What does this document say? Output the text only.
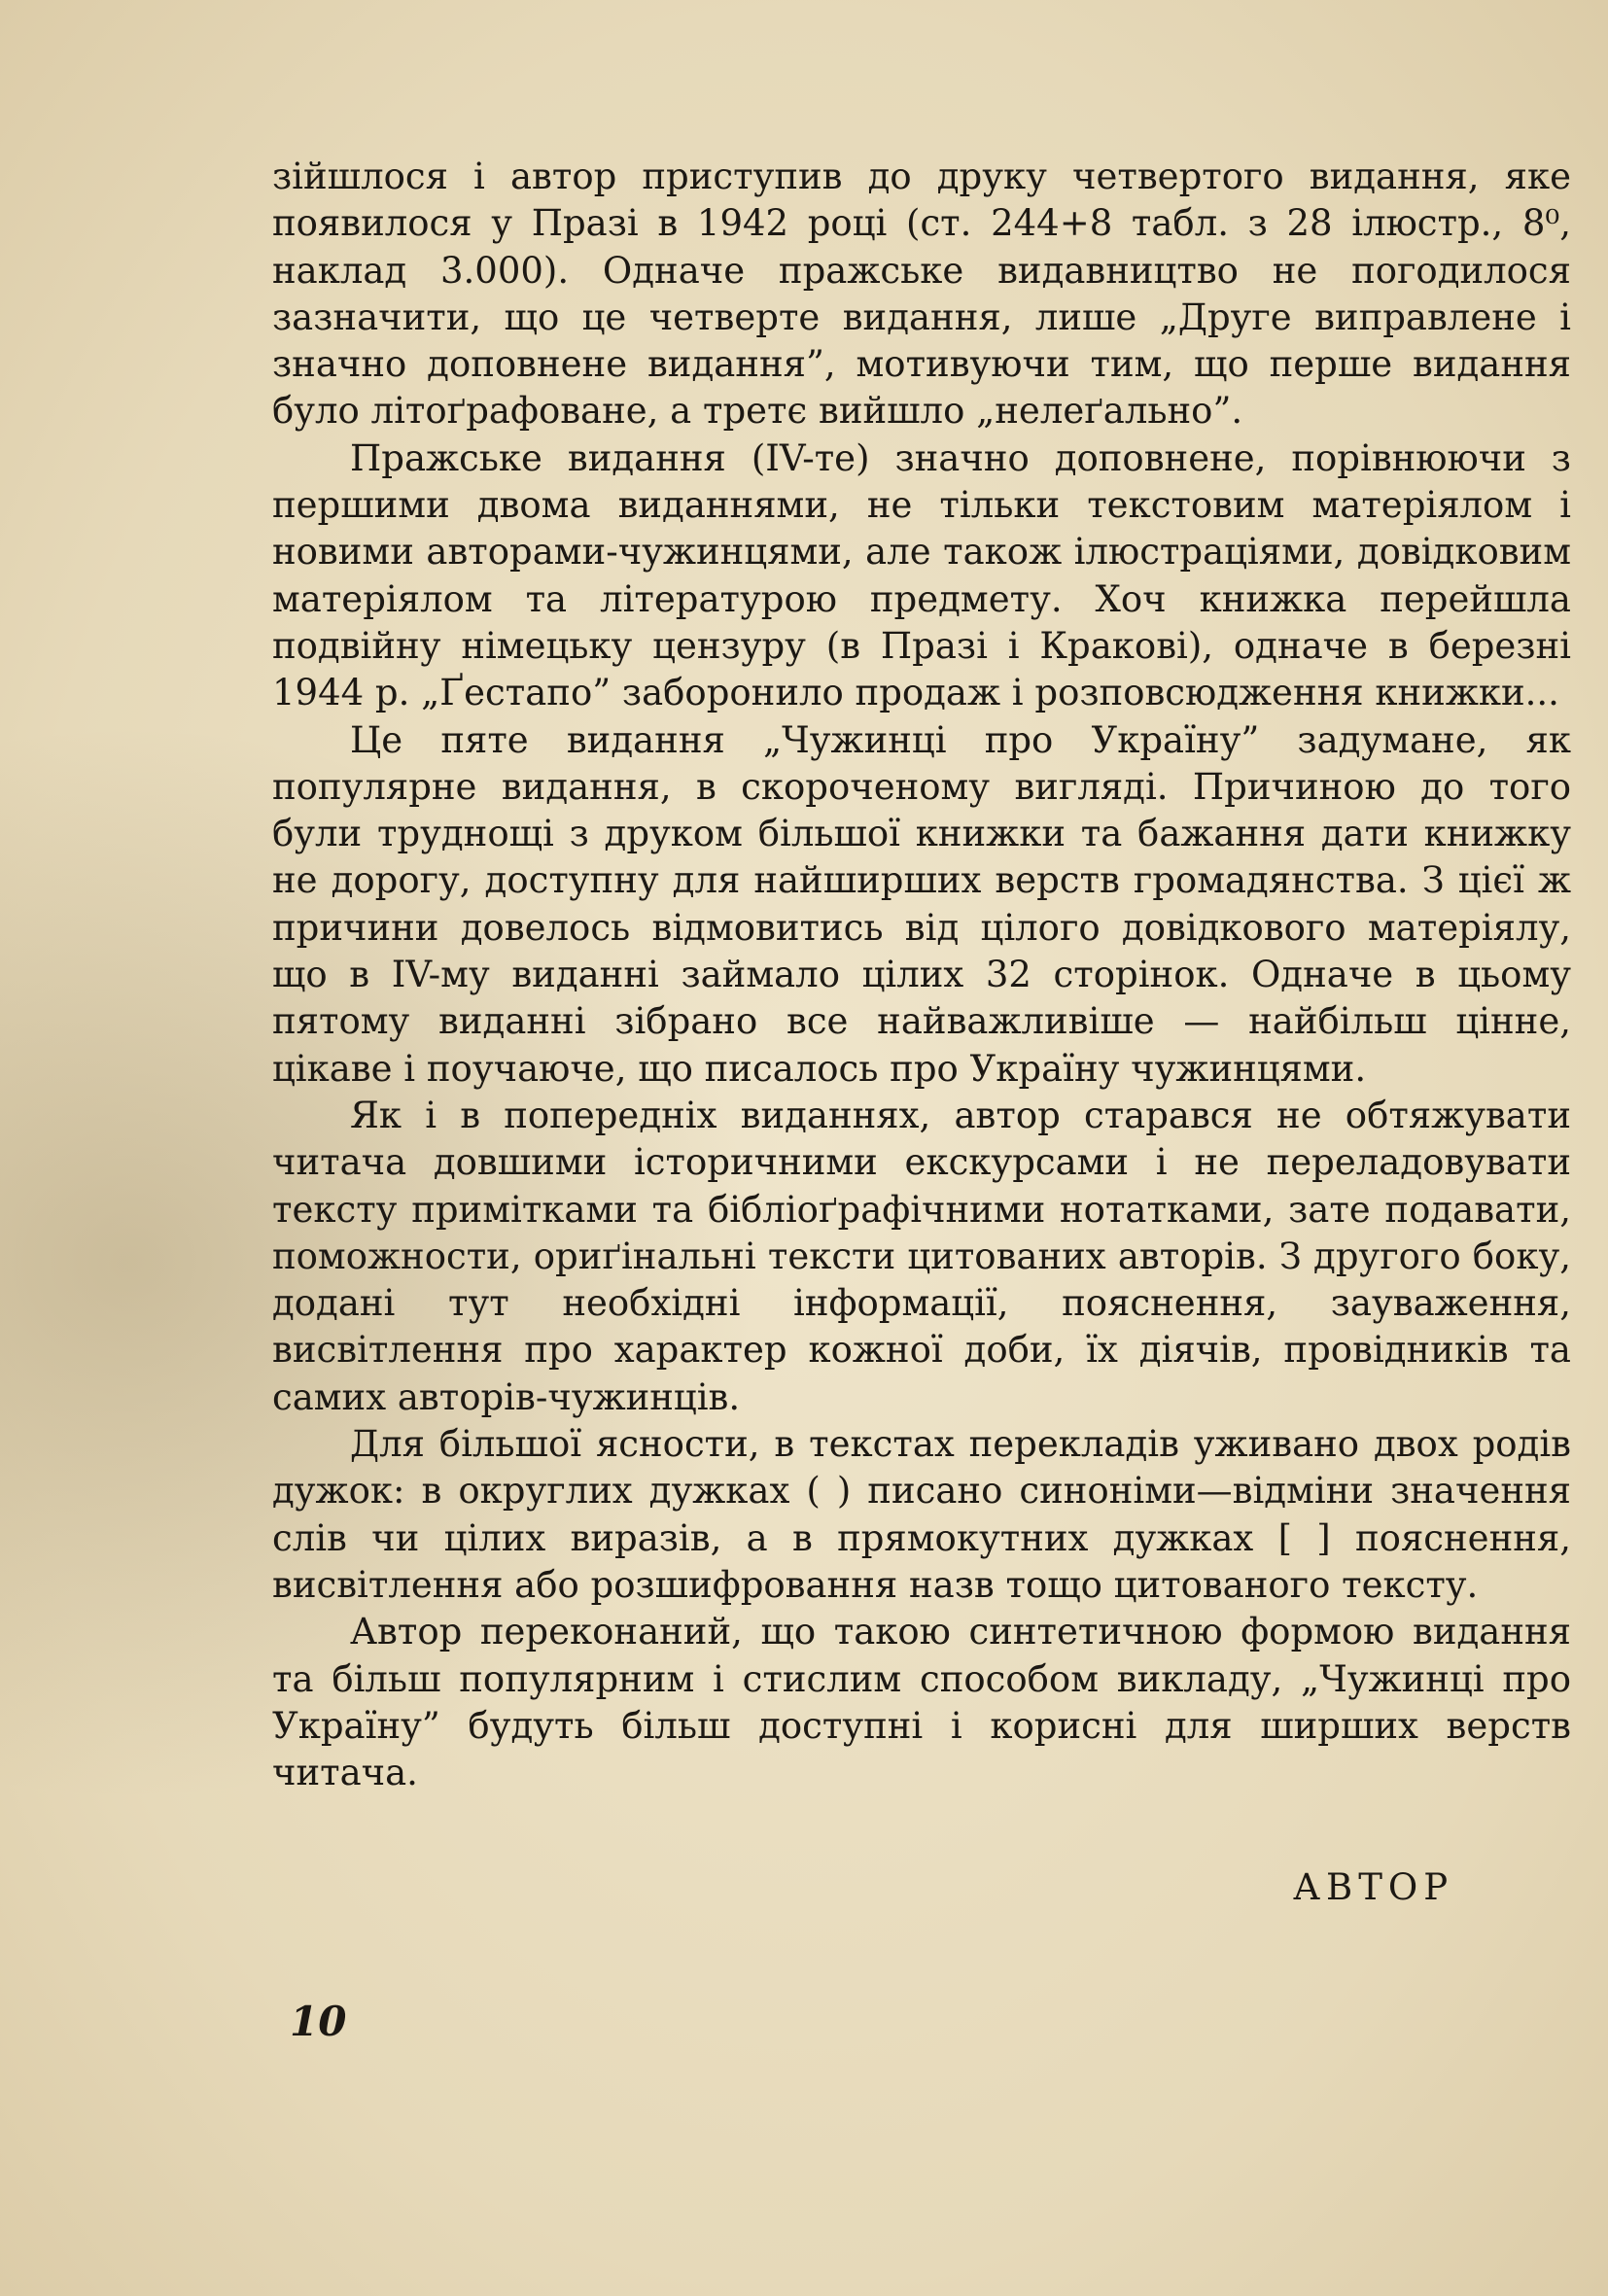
зійшлося і автор приступив до друку четвертого видання, яке появилося у Празі в 1942 році (ст. 244+8 табл. з 28 ілюстр., 8⁰, наклад 3.000). Одначе пражське видавництво не погодилося зазначити, що це четверте видання, лише „Друге виправлене і значно доповнене видання”, мотивуючи тим, що перше видання було літоґрафоване, а третє вийшло „нелеґально”.

Пражське видання (IV-те) значно доповнене, порівнюючи з першими двома виданнями, не тільки текстовим матеріялом і новими авторами-чужинцями, але також ілюстраціями, довідковим матеріялом та літературою предмету. Хоч книжка перейшла подвійну німецьку цензуру (в Празі і Кракові), одначе в березні 1944 р. „Ґестапо” заборонило продаж і розповсюдження книжки...

Це пяте видання „Чужинці про Україну” задумане, як популярне видання, в скороченому вигляді. Причиною до того були труднощі з друком більшої книжки та бажання дати книжку не дорогу, доступну для найширших верств громадянства. З цієї ж причини довелось відмовитись від цілого довідкового матеріялу, що в IV-му виданні займало цілих 32 сторінок. Одначе в цьому пятому виданні зібрано все найважливіше — найбільш цінне, цікаве і поучаюче, що писалось про Україну чужинцями.

Як і в попередніх виданнях, автор старався не обтяжувати читача довшими історичними екскурсами і не переладовувати тексту примітками та бібліоґрафічними нотатками, зате подавати, поможности, ориґінальні тексти цитованих авторів. З другого боку, додані тут необхідні інформації, пояснення, зауваження, висвітлення про характер кожної доби, їх діячів, провідників та самих авторів-чужинців.

Для більшої ясности, в текстах перекладів уживано двох родів дужок: в округлих дужках ( ) писано синоніми—відміни значення слів чи цілих виразів, а в прямокутних дужках [ ] пояснення, висвітлення або розшифровання назв тощо цитованого тексту.

Автор переконаний, що такою синтетичною формою видання та більш популярним і стислим способом викладу, „Чужинці про Україну” будуть більш доступні і корисні для ширших верств читача.

АВТОР
10
